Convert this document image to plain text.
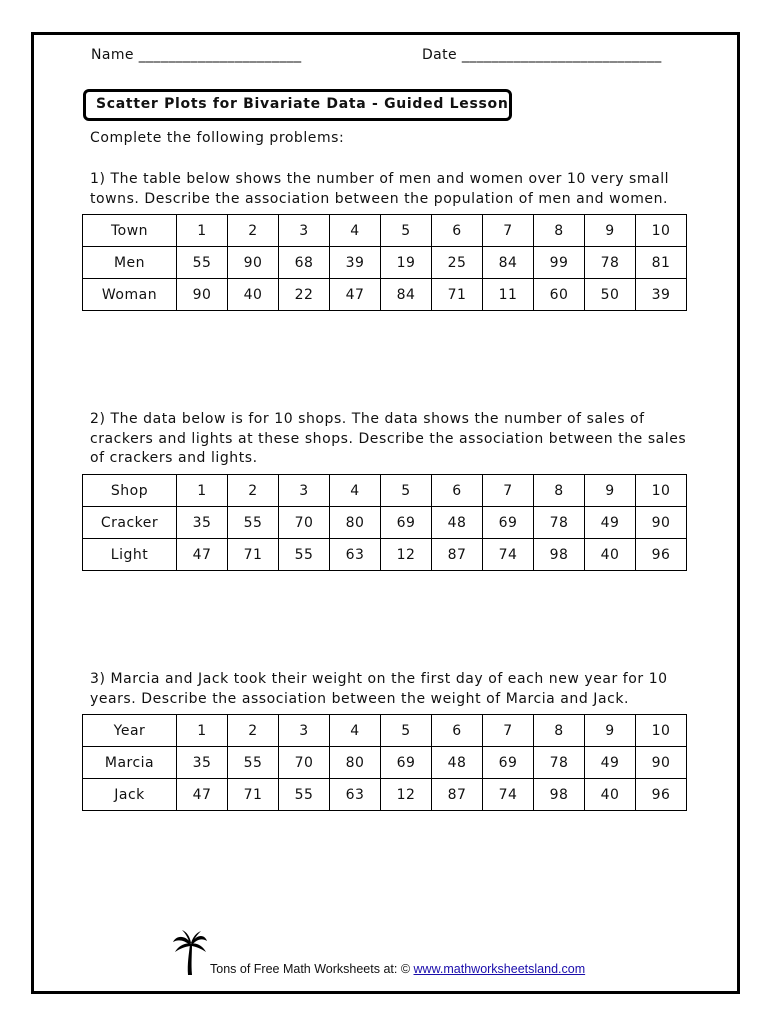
Name ______________________	Date ___________________________
Scatter Plots for Bivariate Data - Guided Lesson
Complete the following problems:
1) The table below shows the number of men and women over 10 very small towns. Describe the association between the population of men and women.
Town	1	2	3	4	5	6	7	8	9	10
Men	55	90	68	39	19	25	84	99	78	81
Woman	90	40	22	47	84	71	11	60	50	39
2) The data below is for 10 shops. The data shows the number of sales of crackers and lights at these shops. Describe the association between the sales of crackers and lights.
Shop	1	2	3	4	5	6	7	8	9	10
Cracker	35	55	70	80	69	48	69	78	49	90
Light	47	71	55	63	12	87	74	98	40	96
3) Marcia and Jack took their weight on the first day of each new year for 10 years. Describe the association between the weight of Marcia and Jack.
Year	1	2	3	4	5	6	7	8	9	10
Marcia	35	55	70	80	69	48	69	78	49	90
Jack	47	71	55	63	12	87	74	98	40	96
Tons of Free Math Worksheets at: © www.mathworksheetsland.com
